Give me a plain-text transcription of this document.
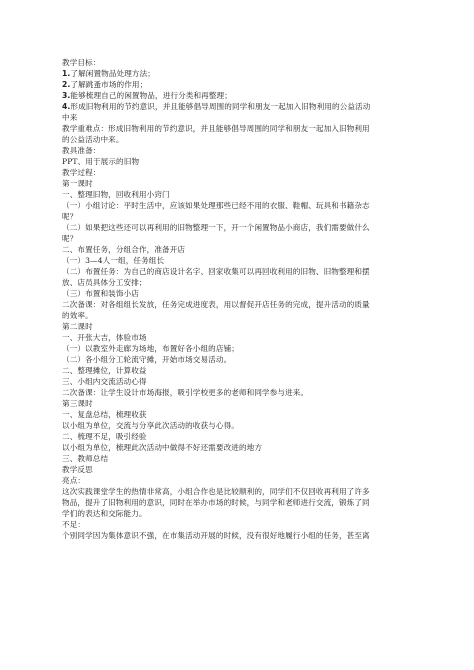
教学目标：
1.了解闲置物品处理方法；
2.了解跳蚤市场的作用；
3.能够梳理自己的闲置物品，进行分类和再整理；
4.形成旧物利用的节约意识，并且能够倡导周围的同学和朋友一起加入旧物利用的公益活动
中来
教学重难点：形成旧物利用的节约意识，并且能够倡导周围的同学和朋友一起加入旧物利用
的公益活动中来。
教具准备：
PPT、用于展示的旧物
教学过程：
第一课时
一、整理旧物，回收利用小窍门
（一）小组讨论：平时生活中，应该如果处理那些已经不用的衣服、鞋帽、玩具和书籍杂志
呢？
（二）如果把这些还可以再利用的旧物整理一下，开一个闲置物品小商店，我们需要做什么
呢？
二、布置任务，分组合作，准备开店
（一）3—4人一组，任务组长
（二）布置任务：为自己的商店设计名字、回家收集可以再回收利用的旧物、旧物整理和摆
放、店员具体分工安排；
（三）布置和装饰小店
二次备课：对各组组长发放，任务完成进度表，用以督促开店任务的完成，提升活动的质量
的效率。
第二课时
一、开张大吉，体验市场
（一）以教室外走廊为场地，布置好各小组的店铺；
（二）各小组分工轮流守摊，开始市场交易活动。
二、整理摊位，计算收益
三、小组内交流活动心得
二次备课：让学生设计市场海报，吸引学校更多的老师和同学参与进来。
第三课时
一、复盘总结，梳理收获
以小组为单位，交流与分享此次活动的收获与心得。
二、梳理不足，吸引经验
以小组为单位，梳理此次活动中做得不好还需要改进的地方
三、教师总结
教学反思
亮点：
这次实践课堂学生的热情非常高，小组合作也是比较顺利的，同学们不仅回收再利用了许多
物品，提升了旧物利用的意识，同时在举办市场的时候，与同学和老师进行交流，锻炼了同
学们的表达和交际能力。
不足：
个别同学因为集体意识不强，在市集活动开展的时候，没有很好地履行小组的任务，甚至离
